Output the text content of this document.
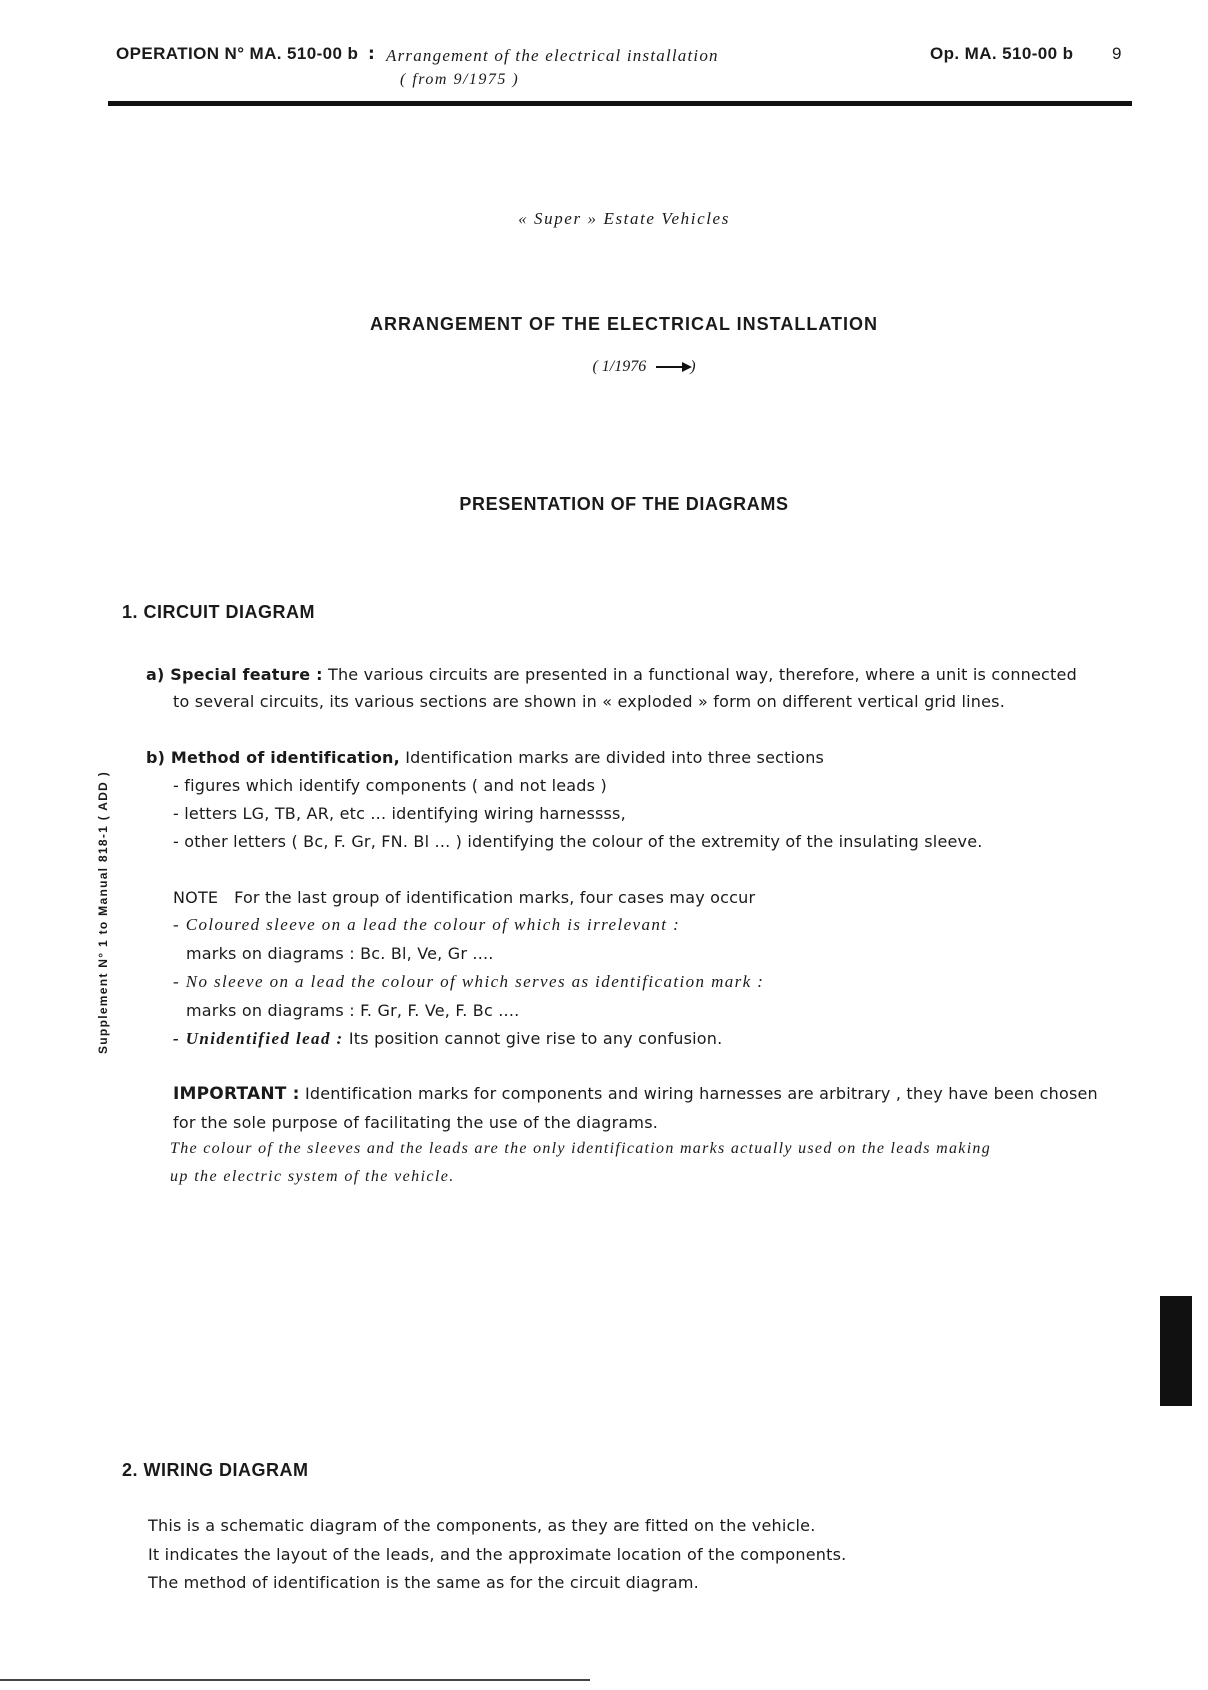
OPERATION N° MA. 510-00 b : Arrangement of the electrical installation
( from 9/1975 )
Op. MA. 510-00 b 9
« Super » Estate Vehicles
ARRANGEMENT OF THE ELECTRICAL INSTALLATION
( 1/1976	)
PRESENTATION OF THE DIAGRAMS
1. CIRCUIT DIAGRAM
a) Special feature : The various circuits are presented in a functional way, therefore, where a unit is connected
to several circuits, its various sections are shown in « exploded » form on different vertical grid lines.
b) Method of identification, Identification marks are divided into three sections
- figures which identify components ( and not leads )
- letters LG, TB, AR, etc ... identifying wiring harnessss,
- other letters ( Bc, F. Gr, FN. Bl ... ) identifying the colour of the extremity of the insulating sleeve.
NOTE For the last group of identification marks, four cases may occur
- Coloured sleeve on a lead the colour of which is irrelevant :
marks on diagrams : Bc. Bl, Ve, Gr ....
- No sleeve on a lead the colour of which serves as identification mark :
marks on diagrams : F. Gr, F. Ve, F. Bc ....
- Unidentified lead : Its position cannot give rise to any confusion.
IMPORTANT : Identification marks for components and wiring harnesses are arbitrary , they have been chosen
for the sole purpose of facilitating the use of the diagrams.
The colour of the sleeves and the leads are the only identification marks actually used on the leads making
up the electric system of the vehicle.
2. WIRING DIAGRAM
This is a schematic diagram of the components, as they are fitted on the vehicle.
It indicates the layout of the leads, and the approximate location of the components.
The method of identification is the same as for the circuit diagram.
Supplement N° 1 to Manual 818-1 ( ADD )
